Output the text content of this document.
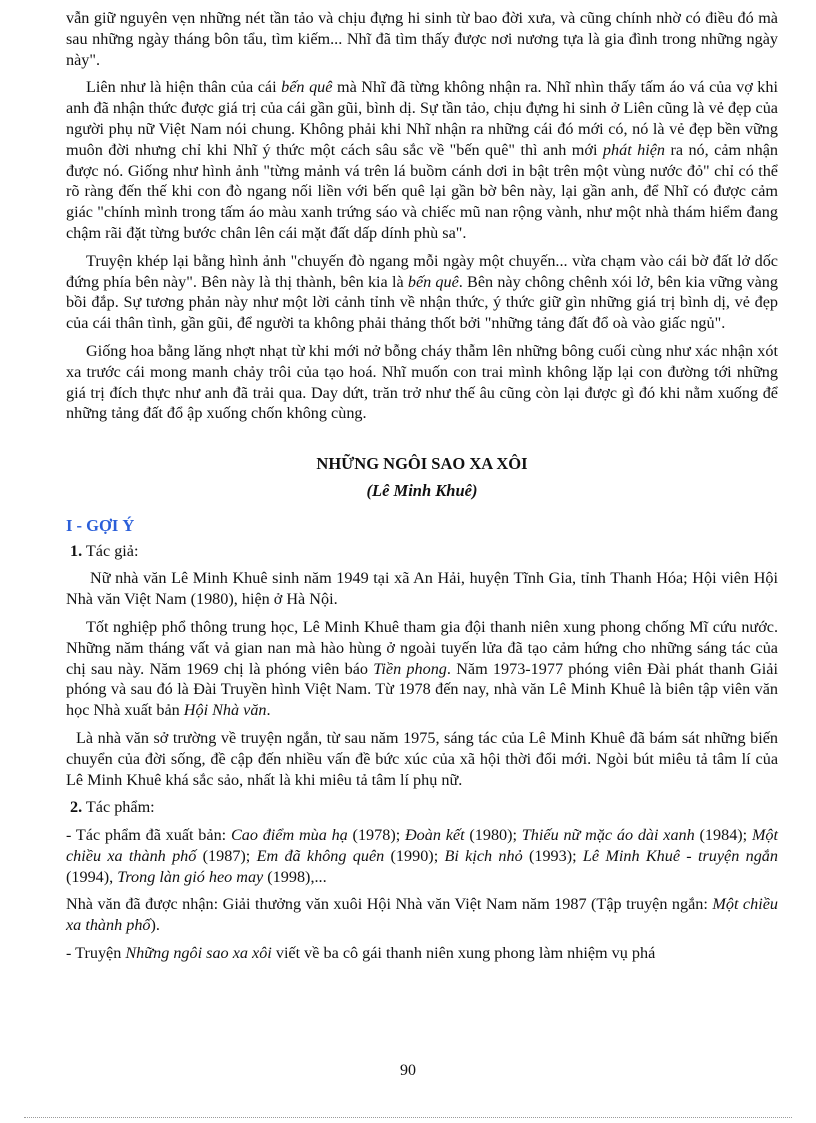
vẫn giữ nguyên vẹn những nét tần tảo và chịu đựng hi sinh từ bao đời xưa, và cũng chính nhờ có điều đó mà sau những ngày tháng bôn tẩu, tìm kiếm... Nhĩ đã tìm thấy được nơi nương tựa là gia đình trong những ngày này".

Liên như là hiện thân của cái bến quê mà Nhĩ đã từng không nhận ra. Nhĩ nhìn thấy tấm áo vá của vợ khi anh đã nhận thức được giá trị của cái gần gũi, bình dị. Sự tần tảo, chịu đựng hi sinh ở Liên cũng là vẻ đẹp của người phụ nữ Việt Nam nói chung. Không phải khi Nhĩ nhận ra những cái đó mới có, nó là vẻ đẹp bền vững muôn đời nhưng chỉ khi Nhĩ ý thức một cách sâu sắc về "bến quê" thì anh mới phát hiện ra nó, cảm nhận được nó. Giống như hình ảnh "từng mảnh vá trên lá buồm cánh dơi in bật trên một vùng nước đỏ" chỉ có thể rõ ràng đến thế khi con đò ngang nối liền với bến quê lại gần bờ bên này, lại gần anh, để Nhĩ có được cảm giác "chính mình trong tấm áo màu xanh trứng sáo và chiếc mũ nan rộng vành, như một nhà thám hiểm đang chậm rãi đặt từng bước chân lên cái mặt đất dấp dính phù sa".

Truyện khép lại bằng hình ảnh "chuyến đò ngang mỗi ngày một chuyến... vừa chạm vào cái bờ đất lở dốc đứng phía bên này". Bên này là thị thành, bên kia là bến quê. Bên này chông chênh xói lở, bên kia vững vàng bồi đắp. Sự tương phản này như một lời cảnh tỉnh về nhận thức, ý thức giữ gìn những giá trị bình dị, vẻ đẹp của cái thân tình, gần gũi, để người ta không phải thảng thốt bởi "những tảng đất đổ oà vào giấc ngủ".

Giống hoa bằng lăng nhợt nhạt từ khi mới nở bỗng cháy thẫm lên những bông cuối cùng như xác nhận xót xa trước cái mong manh chảy trôi của tạo hoá. Nhĩ muốn con trai mình không lặp lại con đường tới những giá trị đích thực như anh đã trải qua. Day dứt, trăn trở như thế âu cũng còn lại được gì đó khi nằm xuống để những tảng đất đổ ập xuống chốn không cùng.

NHỮNG NGÔI SAO XA XÔI

(Lê Minh Khuê)

I - GỢI Ý

1. Tác giả:

Nữ nhà văn Lê Minh Khuê sinh năm 1949 tại xã An Hải, huyện Tĩnh Gia, tỉnh Thanh Hóa; Hội viên Hội Nhà văn Việt Nam (1980), hiện ở Hà Nội.

Tốt nghiệp phổ thông trung học, Lê Minh Khuê tham gia đội thanh niên xung phong chống Mĩ cứu nước. Những năm tháng vất vả gian nan mà hào hùng ở ngoài tuyến lửa đã tạo cảm hứng cho những sáng tác của chị sau này. Năm 1969 chị là phóng viên báo Tiền phong. Năm 1973-1977 phóng viên Đài phát thanh Giải phóng và sau đó là Đài Truyền hình Việt Nam. Từ 1978 đến nay, nhà văn Lê Minh Khuê là biên tập viên văn học Nhà xuất bản Hội Nhà văn.

Là nhà văn sở trường về truyện ngắn, từ sau năm 1975, sáng tác của Lê Minh Khuê đã bám sát những biến chuyển của đời sống, đề cập đến nhiều vấn đề bức xúc của xã hội thời đổi mới. Ngòi bút miêu tả tâm lí của Lê Minh Khuê khá sắc sảo, nhất là khi miêu tả tâm lí phụ nữ.

2. Tác phẩm:

- Tác phẩm đã xuất bản: Cao điểm mùa hạ (1978); Đoàn kết (1980); Thiếu nữ mặc áo dài xanh (1984); Một chiều xa thành phố (1987); Em đã không quên (1990); Bi kịch nhỏ (1993); Lê Minh Khuê - truyện ngắn (1994), Trong làn gió heo may (1998),...

Nhà văn đã được nhận: Giải thưởng văn xuôi Hội Nhà văn Việt Nam năm 1987 (Tập truyện ngắn: Một chiều xa thành phố).

- Truyện Những ngôi sao xa xôi viết về ba cô gái thanh niên xung phong làm nhiệm vụ phá

90
